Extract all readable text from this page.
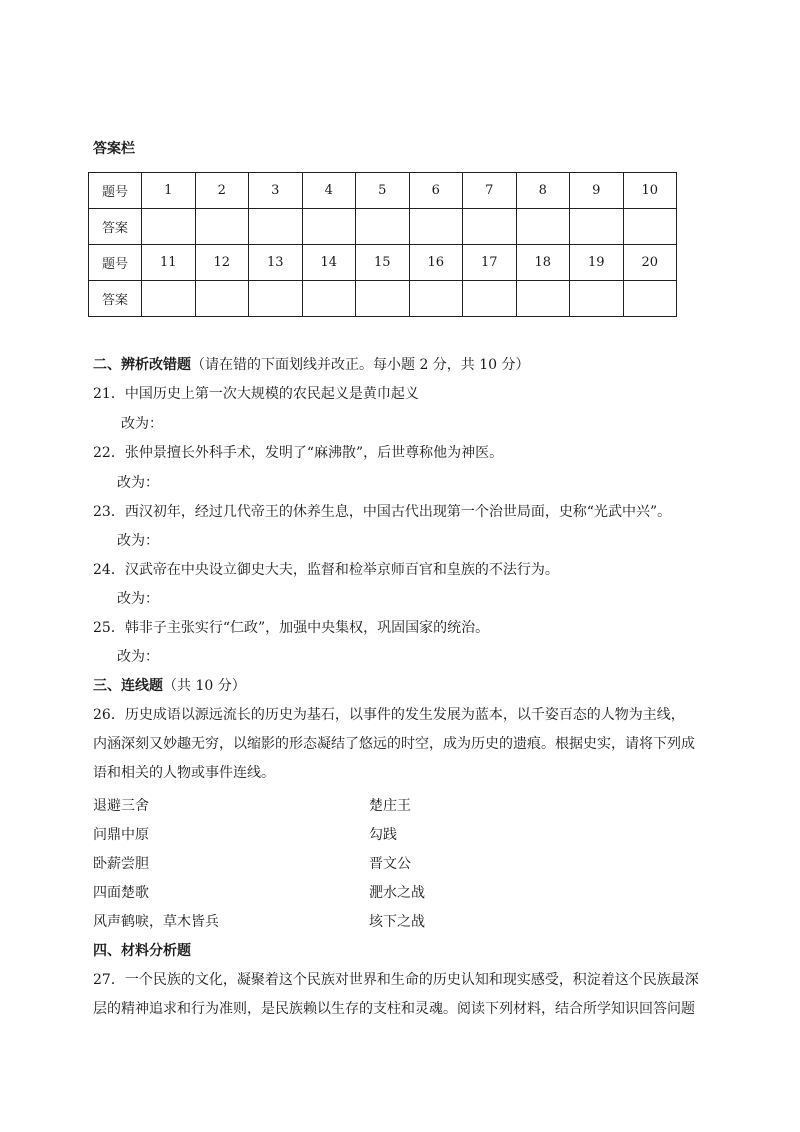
答案栏
题号	1	2	3	4	5	6	7	8	9	10
答案										
题号	11	12	13	14	15	16	17	18	19	20
答案										
二、辨析改错题（请在错的下面划线并改正。每小题 2 分，共 10 分）
21．中国历史上第一次大规模的农民起义是黄巾起义
改为：
22．张仲景擅长外科手术，发明了“麻沸散”，后世尊称他为神医。
改为：
23．西汉初年，经过几代帝王的休养生息，中国古代出现第一个治世局面，史称“光武中兴”。
改为：
24．汉武帝在中央设立御史大夫，监督和检举京师百官和皇族的不法行为。
改为：
25．韩非子主张实行“仁政”，加强中央集权，巩固国家的统治。
改为：
三、连线题（共 10 分）
26．历史成语以源远流长的历史为基石，以事件的发生发展为蓝本，以千姿百态的人物为主线，
内涵深刻又妙趣无穷，以缩影的形态凝结了悠远的时空，成为历史的遗痕。根据史实，请将下列成
语和相关的人物或事件连线。
退避三舍	楚庄王
问鼎中原	勾践
卧薪尝胆	晋文公
四面楚歌	淝水之战
风声鹤唳，草木皆兵	垓下之战
四、材料分析题
27．一个民族的文化，凝聚着这个民族对世界和生命的历史认知和现实感受，积淀着这个民族最深
层的精神追求和行为准则，是民族赖以生存的支柱和灵魂。阅读下列材料，结合所学知识回答问题
